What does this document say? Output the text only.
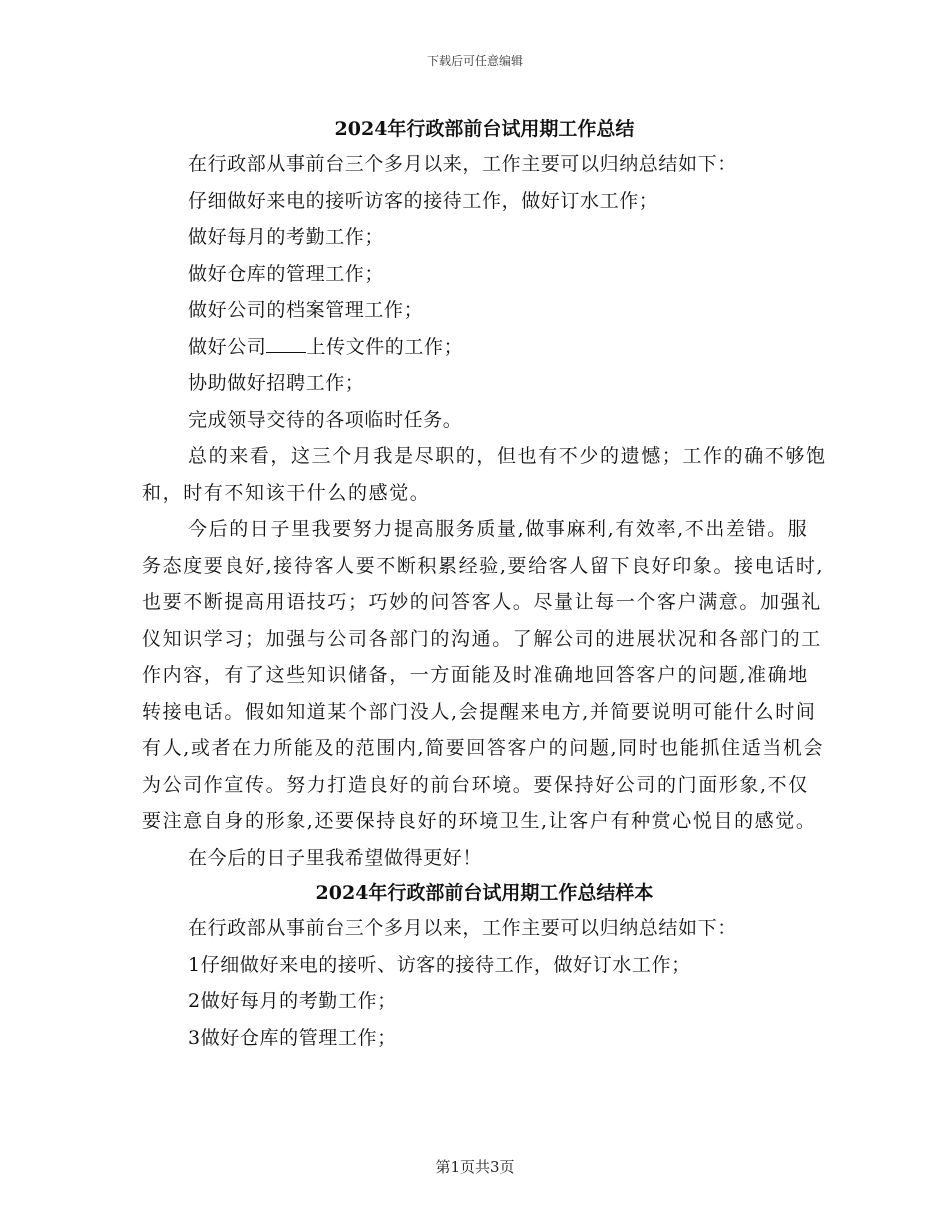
下载后可任意编辑

2024年行政部前台试用期工作总结

在行政部从事前台三个多月以来，工作主要可以归纳总结如下：

仔细做好来电的接听访客的接待工作，做好订水工作；

做好每月的考勤工作；

做好仓库的管理工作；

做好公司的档案管理工作；

做好公司 上传文件的工作；

协助做好招聘工作；

完成领导交待的各项临时任务。

总的来看，这三个月我是尽职的，但也有不少的遗憾；工作的确不够饱和，时有不知该干什么的感觉。

今后的日子里我要努力提高服务质量,做事麻利,有效率,不出差错。服务态度要良好,接待客人要不断积累经验,要给客人留下良好印象。接电话时,也要不断提高用语技巧；巧妙的问答客人。尽量让每一个客户满意。加强礼仪知识学习；加强与公司各部门的沟通。了解公司的进展状况和各部门的工作内容，有了这些知识储备，一方面能及时准确地回答客户的问题,准确地转接电话。假如知道某个部门没人,会提醒来电方,并简要说明可能什么时间有人,或者在力所能及的范围内,简要回答客户的问题,同时也能抓住适当机会为公司作宣传。努力打造良好的前台环境。要保持好公司的门面形象,不仅要注意自身的形象,还要保持良好的环境卫生,让客户有种赏心悦目的感觉。

在今后的日子里我希望做得更好！

2024年行政部前台试用期工作总结样本

在行政部从事前台三个多月以来，工作主要可以归纳总结如下：

1仔细做好来电的接听、访客的接待工作，做好订水工作；

2做好每月的考勤工作；

3做好仓库的管理工作；

第1页共3页
